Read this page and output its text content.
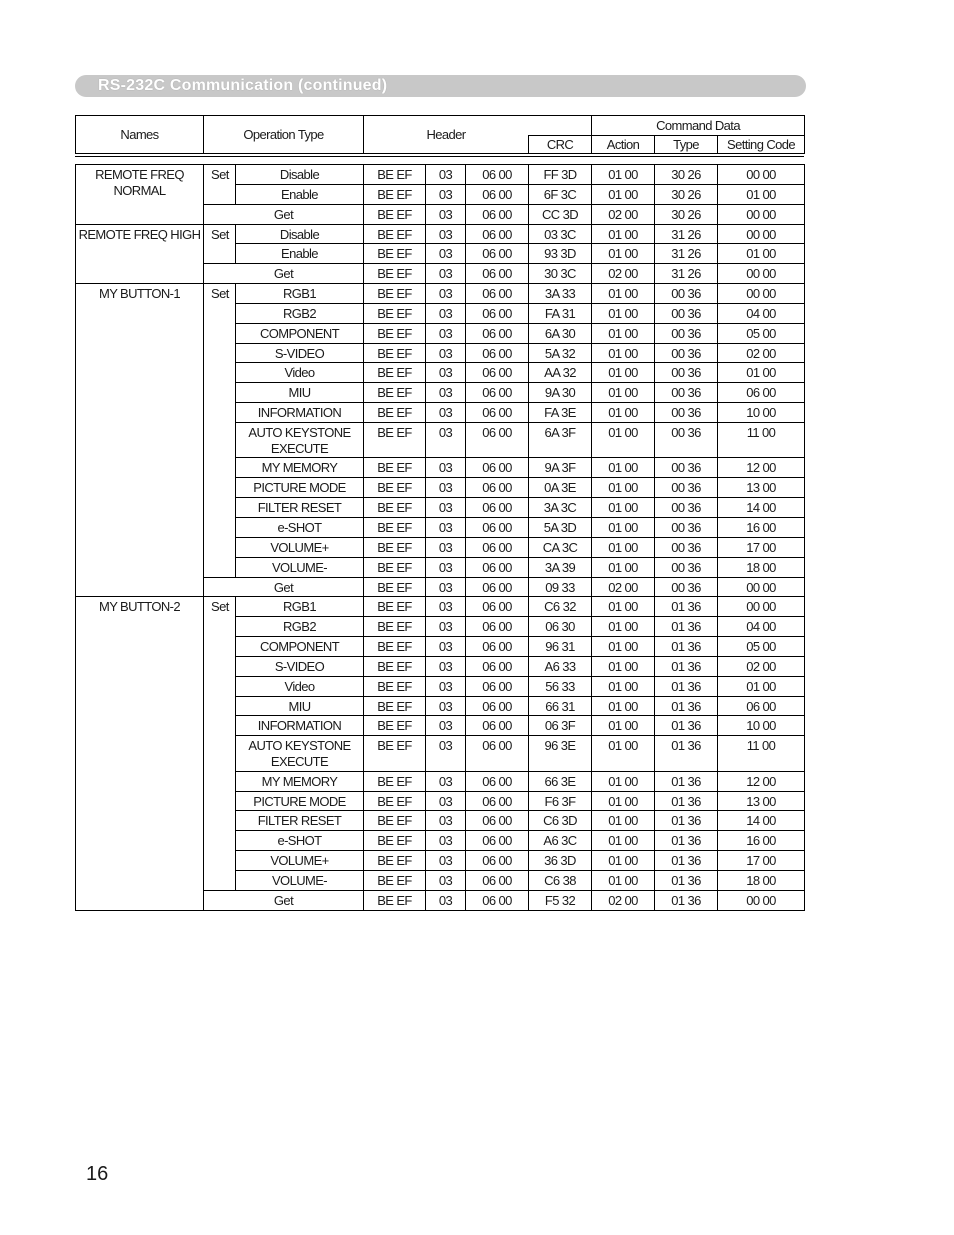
RS-232C Communication (continued)
Names	Operation Type	Header		Command Data		
			CRC	Action	Type	Setting Code
REMOTE FREQ
NORMAL	Set	Disable	BE EF	03	06 00	FF 3D	01 00	30 26	00 00
		Enable	BE EF	03	06 00	6F 3C	01 00	30 26	01 00
	Get		BE EF	03	06 00	CC 3D	02 00	30 26	00 00
REMOTE FREQ HIGH	Set	Disable	BE EF	03	06 00	03 3C	01 00	31 26	00 00
		Enable	BE EF	03	06 00	93 3D	01 00	31 26	01 00
	Get		BE EF	03	06 00	30 3C	02 00	31 26	00 00
MY BUTTON-1	Set	RGB1	BE EF	03	06 00	3A 33	01 00	00 36	00 00
		RGB2	BE EF	03	06 00	FA 31	01 00	00 36	04 00
		COMPONENT	BE EF	03	06 00	6A 30	01 00	00 36	05 00
		S-VIDEO	BE EF	03	06 00	5A 32	01 00	00 36	02 00
		Video	BE EF	03	06 00	AA 32	01 00	00 36	01 00
		MIU	BE EF	03	06 00	9A 30	01 00	00 36	06 00
		INFORMATION	BE EF	03	06 00	FA 3E	01 00	00 36	10 00
		AUTO KEYSTONE
EXECUTE	BE EF	03	06 00	6A 3F	01 00	00 36	11 00
		MY MEMORY	BE EF	03	06 00	9A 3F	01 00	00 36	12 00
		PICTURE MODE	BE EF	03	06 00	0A 3E	01 00	00 36	13 00
		FILTER RESET	BE EF	03	06 00	3A 3C	01 00	00 36	14 00
		e-SHOT	BE EF	03	06 00	5A 3D	01 00	00 36	16 00
		VOLUME+	BE EF	03	06 00	CA 3C	01 00	00 36	17 00
		VOLUME-	BE EF	03	06 00	3A 39	01 00	00 36	18 00
	Get		BE EF	03	06 00	09 33	02 00	00 36	00 00
MY BUTTON-2	Set	RGB1	BE EF	03	06 00	C6 32	01 00	01 36	00 00
		RGB2	BE EF	03	06 00	06 30	01 00	01 36	04 00
		COMPONENT	BE EF	03	06 00	96 31	01 00	01 36	05 00
		S-VIDEO	BE EF	03	06 00	A6 33	01 00	01 36	02 00
		Video	BE EF	03	06 00	56 33	01 00	01 36	01 00
		MIU	BE EF	03	06 00	66 31	01 00	01 36	06 00
		INFORMATION	BE EF	03	06 00	06 3F	01 00	01 36	10 00
		AUTO KEYSTONE
EXECUTE	BE EF	03	06 00	96 3E	01 00	01 36	11 00
		MY MEMORY	BE EF	03	06 00	66 3E	01 00	01 36	12 00
		PICTURE MODE	BE EF	03	06 00	F6 3F	01 00	01 36	13 00
		FILTER RESET	BE EF	03	06 00	C6 3D	01 00	01 36	14 00
		e-SHOT	BE EF	03	06 00	A6 3C	01 00	01 36	16 00
		VOLUME+	BE EF	03	06 00	36 3D	01 00	01 36	17 00
		VOLUME-	BE EF	03	06 00	C6 38	01 00	01 36	18 00
	Get		BE EF	03	06 00	F5 32	02 00	01 36	00 00
16
